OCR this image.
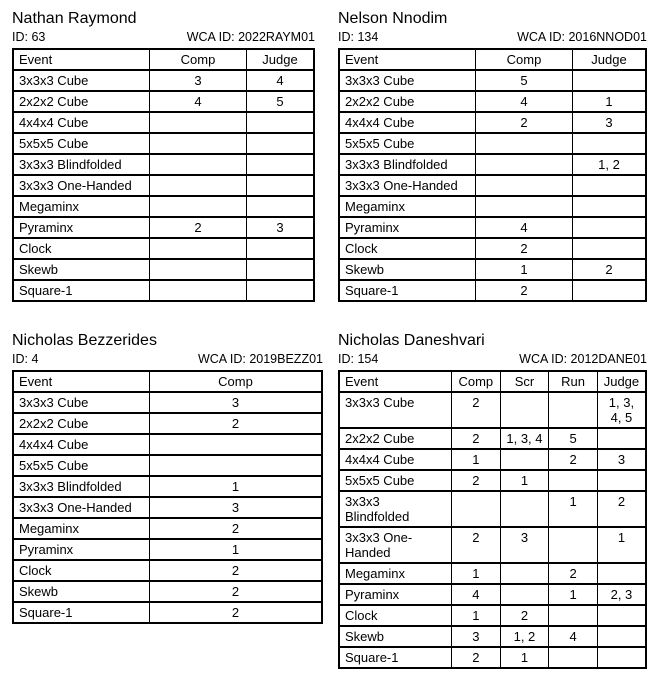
Nathan Raymond
ID: 63	WCA ID: 2022RAYM01
Event	Comp	Judge
3x3x3 Cube	3	4
2x2x2 Cube	4	5
4x4x4 Cube		
5x5x5 Cube		
3x3x3 Blindfolded		
3x3x3 One-Handed		
Megaminx		
Pyraminx	2	3
Clock		
Skewb		
Square-1		
Nelson Nnodim
ID: 134	WCA ID: 2016NNOD01
Event	Comp	Judge
3x3x3 Cube	5	
2x2x2 Cube	4	1
4x4x4 Cube	2	3
5x5x5 Cube		
3x3x3 Blindfolded		1, 2
3x3x3 One-Handed		
Megaminx		
Pyraminx	4	
Clock	2	
Skewb	1	2
Square-1	2	
Nicholas Bezzerides
ID: 4	WCA ID: 2019BEZZ01
Event	Comp
3x3x3 Cube	3
2x2x2 Cube	2
4x4x4 Cube	
5x5x5 Cube	
3x3x3 Blindfolded	1
3x3x3 One-Handed	3
Megaminx	2
Pyraminx	1
Clock	2
Skewb	2
Square-1	2
Nicholas Daneshvari
ID: 154	WCA ID: 2012DANE01
Event	Comp	Scr	Run	Judge
3x3x3 Cube	2			1, 3, 4, 5
2x2x2 Cube	2	1, 3, 4	5	
4x4x4 Cube	1		2	3
5x5x5 Cube	2	1		
3x3x3 Blindfolded			1	2
3x3x3 One-Handed	2	3		1
Megaminx	1		2	
Pyraminx	4		1	2, 3
Clock	1	2		
Skewb	3	1, 2	4	
Square-1	2	1		
